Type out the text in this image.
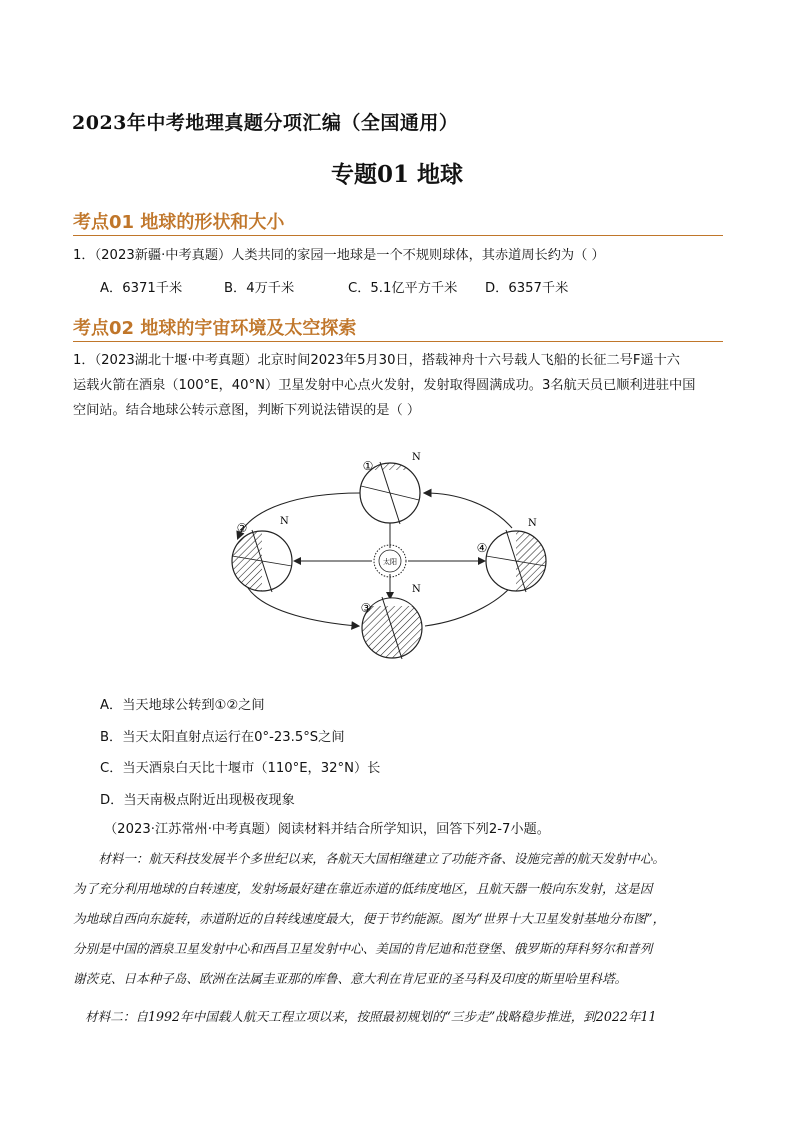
2023年中考地理真题分项汇编（全国通用）
专题01 地球
考点01 地球的形状和大小

1．（2023新疆·中考真题）人类共同的家园一地球是一个不规则球体，其赤道周长约为（ ）

A．6371千米	B．4万千米	C．5.1亿平方千米	D．6357千米
考点02 地球的宇宙环境及太空探索

1．（2023湖北十堰·中考真题）北京时间2023年5月30日，搭载神舟十六号载人飞船的长征二号F遥十六

运载火箭在酒泉（100°E，40°N）卫星发射中心点火发射，发射取得圆满成功。3名航天员已顺利进驻中国

空间站。结合地球公转示意图，判断下列说法错误的是（ ）

太阳
①
N
②	N
③
N
④
N
A．当天地球公转到①②之间
B．当天太阳直射点运行在0°-23.5°S之间
C．当天酒泉白天比十堰市（110°E，32°N）长
D．当天南极点附近出现极夜现象
（2023·江苏常州·中考真题）阅读材料并结合所学知识，回答下列2-7小题。

材料一：航天科技发展半个多世纪以来，各航天大国相继建立了功能齐备、设施完善的航天发射中心。

为了充分利用地球的自转速度，发射场最好建在靠近赤道的低纬度地区，且航天器一般向东发射，这是因

为地球自西向东旋转，赤道附近的自转线速度最大，便于节约能源。图为“世界十大卫星发射基地分布图”，

分别是中国的酒泉卫星发射中心和西昌卫星发射中心、美国的肯尼迪和范登堡、俄罗斯的拜科努尔和普列

谢茨克、日本种子岛、欧洲在法属圭亚那的库鲁、意大利在肯尼亚的圣马科及印度的斯里哈里科塔。

材料二：自1992年中国载人航天工程立项以来，按照最初规划的“三步走”战略稳步推进，到2022年11
